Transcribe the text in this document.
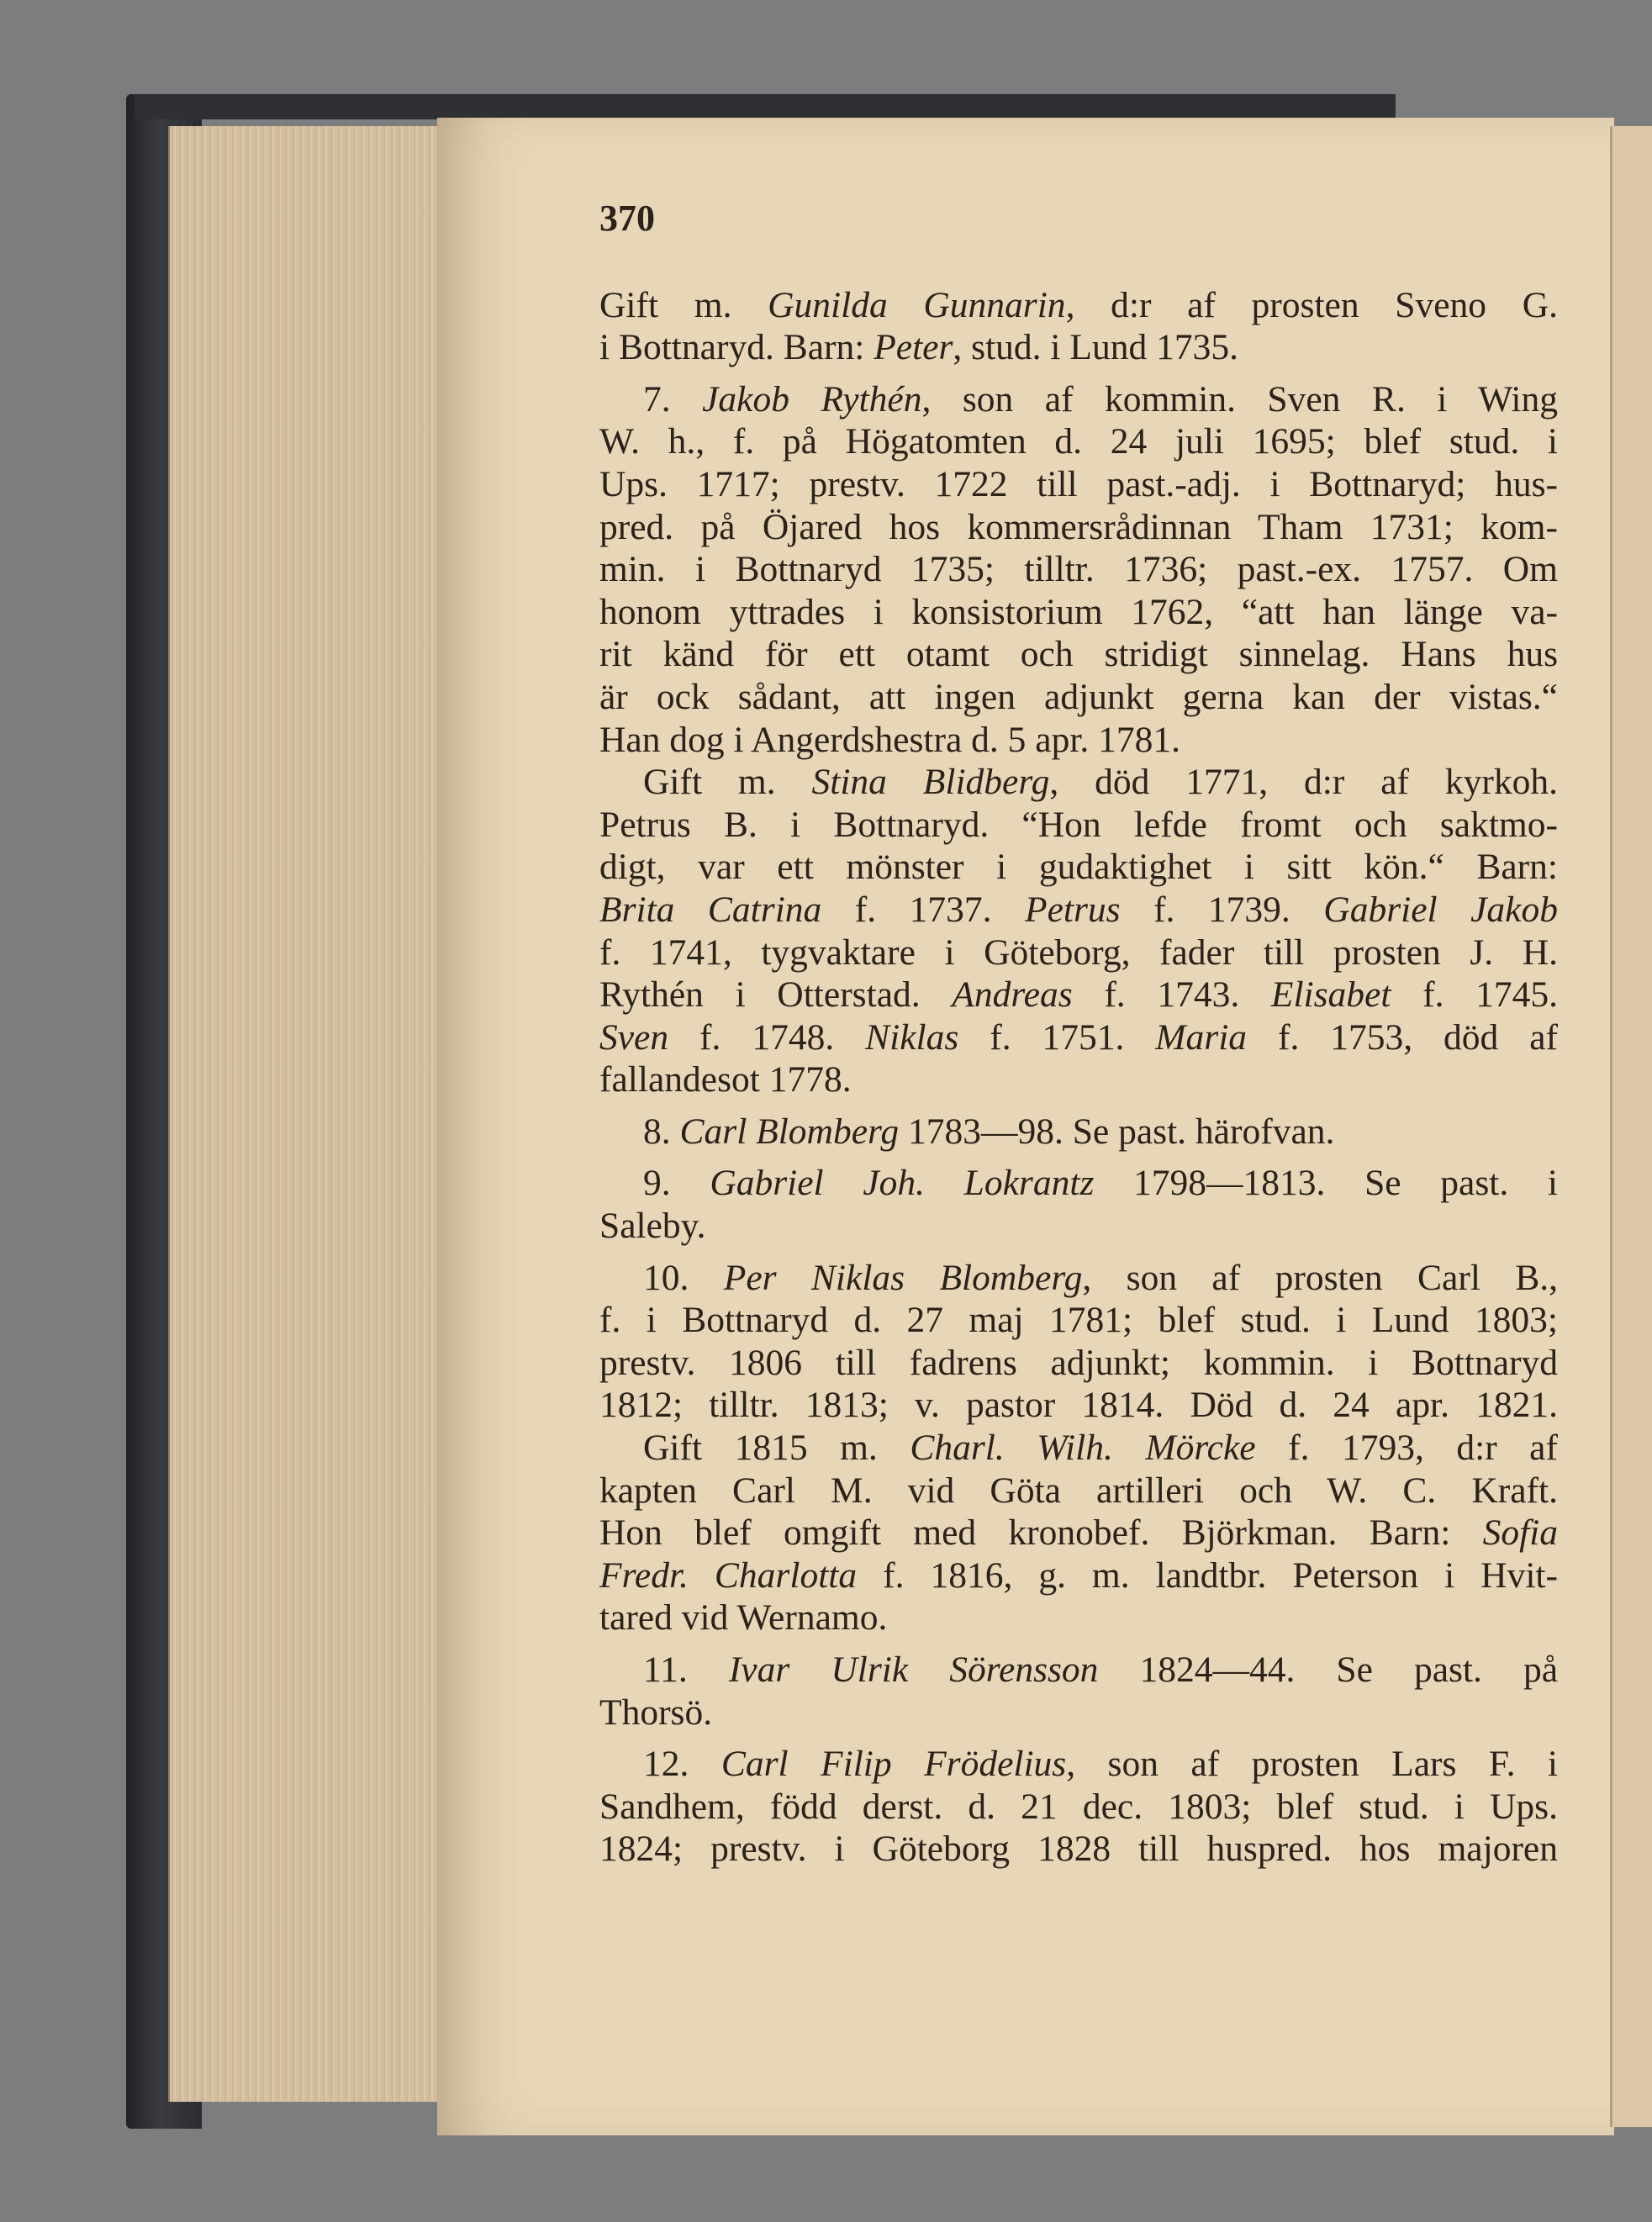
370
Gift m. Gunilda Gunnarin, d:r af prosten Sveno G.
i Bottnaryd. Barn: Peter, stud. i Lund 1735.
7. Jakob Rythén, son af kommin. Sven R. i Wing
W. h., f. på Högatomten d. 24 juli 1695; blef stud. i
Ups. 1717; prestv. 1722 till past.-adj. i Bottnaryd; hus-
pred. på Öjared hos kommersrådinnan Tham 1731; kom-
min. i Bottnaryd 1735; tilltr. 1736; past.-ex. 1757. Om
honom yttrades i konsistorium 1762, “att han länge va-
rit känd för ett otamt och stridigt sinnelag. Hans hus
är ock sådant, att ingen adjunkt gerna kan der vistas.“
Han dog i Angerdshestra d. 5 apr. 1781.
Gift m. Stina Blidberg, död 1771, d:r af kyrkoh.
Petrus B. i Bottnaryd. “Hon lefde fromt och saktmo-
digt, var ett mönster i gudaktighet i sitt kön.“ Barn:
Brita Catrina f. 1737. Petrus f. 1739. Gabriel Jakob
f. 1741, tygvaktare i Göteborg, fader till prosten J. H.
Rythén i Otterstad. Andreas f. 1743. Elisabet f. 1745.
Sven f. 1748. Niklas f. 1751. Maria f. 1753, död af
fallandesot 1778.
8. Carl Blomberg 1783—98. Se past. härofvan.
9. Gabriel Joh. Lokrantz 1798—1813. Se past. i
Saleby.
10. Per Niklas Blomberg, son af prosten Carl B.,
f. i Bottnaryd d. 27 maj 1781; blef stud. i Lund 1803;
prestv. 1806 till fadrens adjunkt; kommin. i Bottnaryd
1812; tilltr. 1813; v. pastor 1814. Död d. 24 apr. 1821.
Gift 1815 m. Charl. Wilh. Mörcke f. 1793, d:r af
kapten Carl M. vid Göta artilleri och W. C. Kraft.
Hon blef omgift med kronobef. Björkman. Barn: Sofia
Fredr. Charlotta f. 1816, g. m. landtbr. Peterson i Hvit-
tared vid Wernamo.
11. Ivar Ulrik Sörensson 1824—44. Se past. på
Thorsö.
12. Carl Filip Frödelius, son af prosten Lars F. i
Sandhem, född derst. d. 21 dec. 1803; blef stud. i Ups.
1824; prestv. i Göteborg 1828 till huspred. hos majoren
